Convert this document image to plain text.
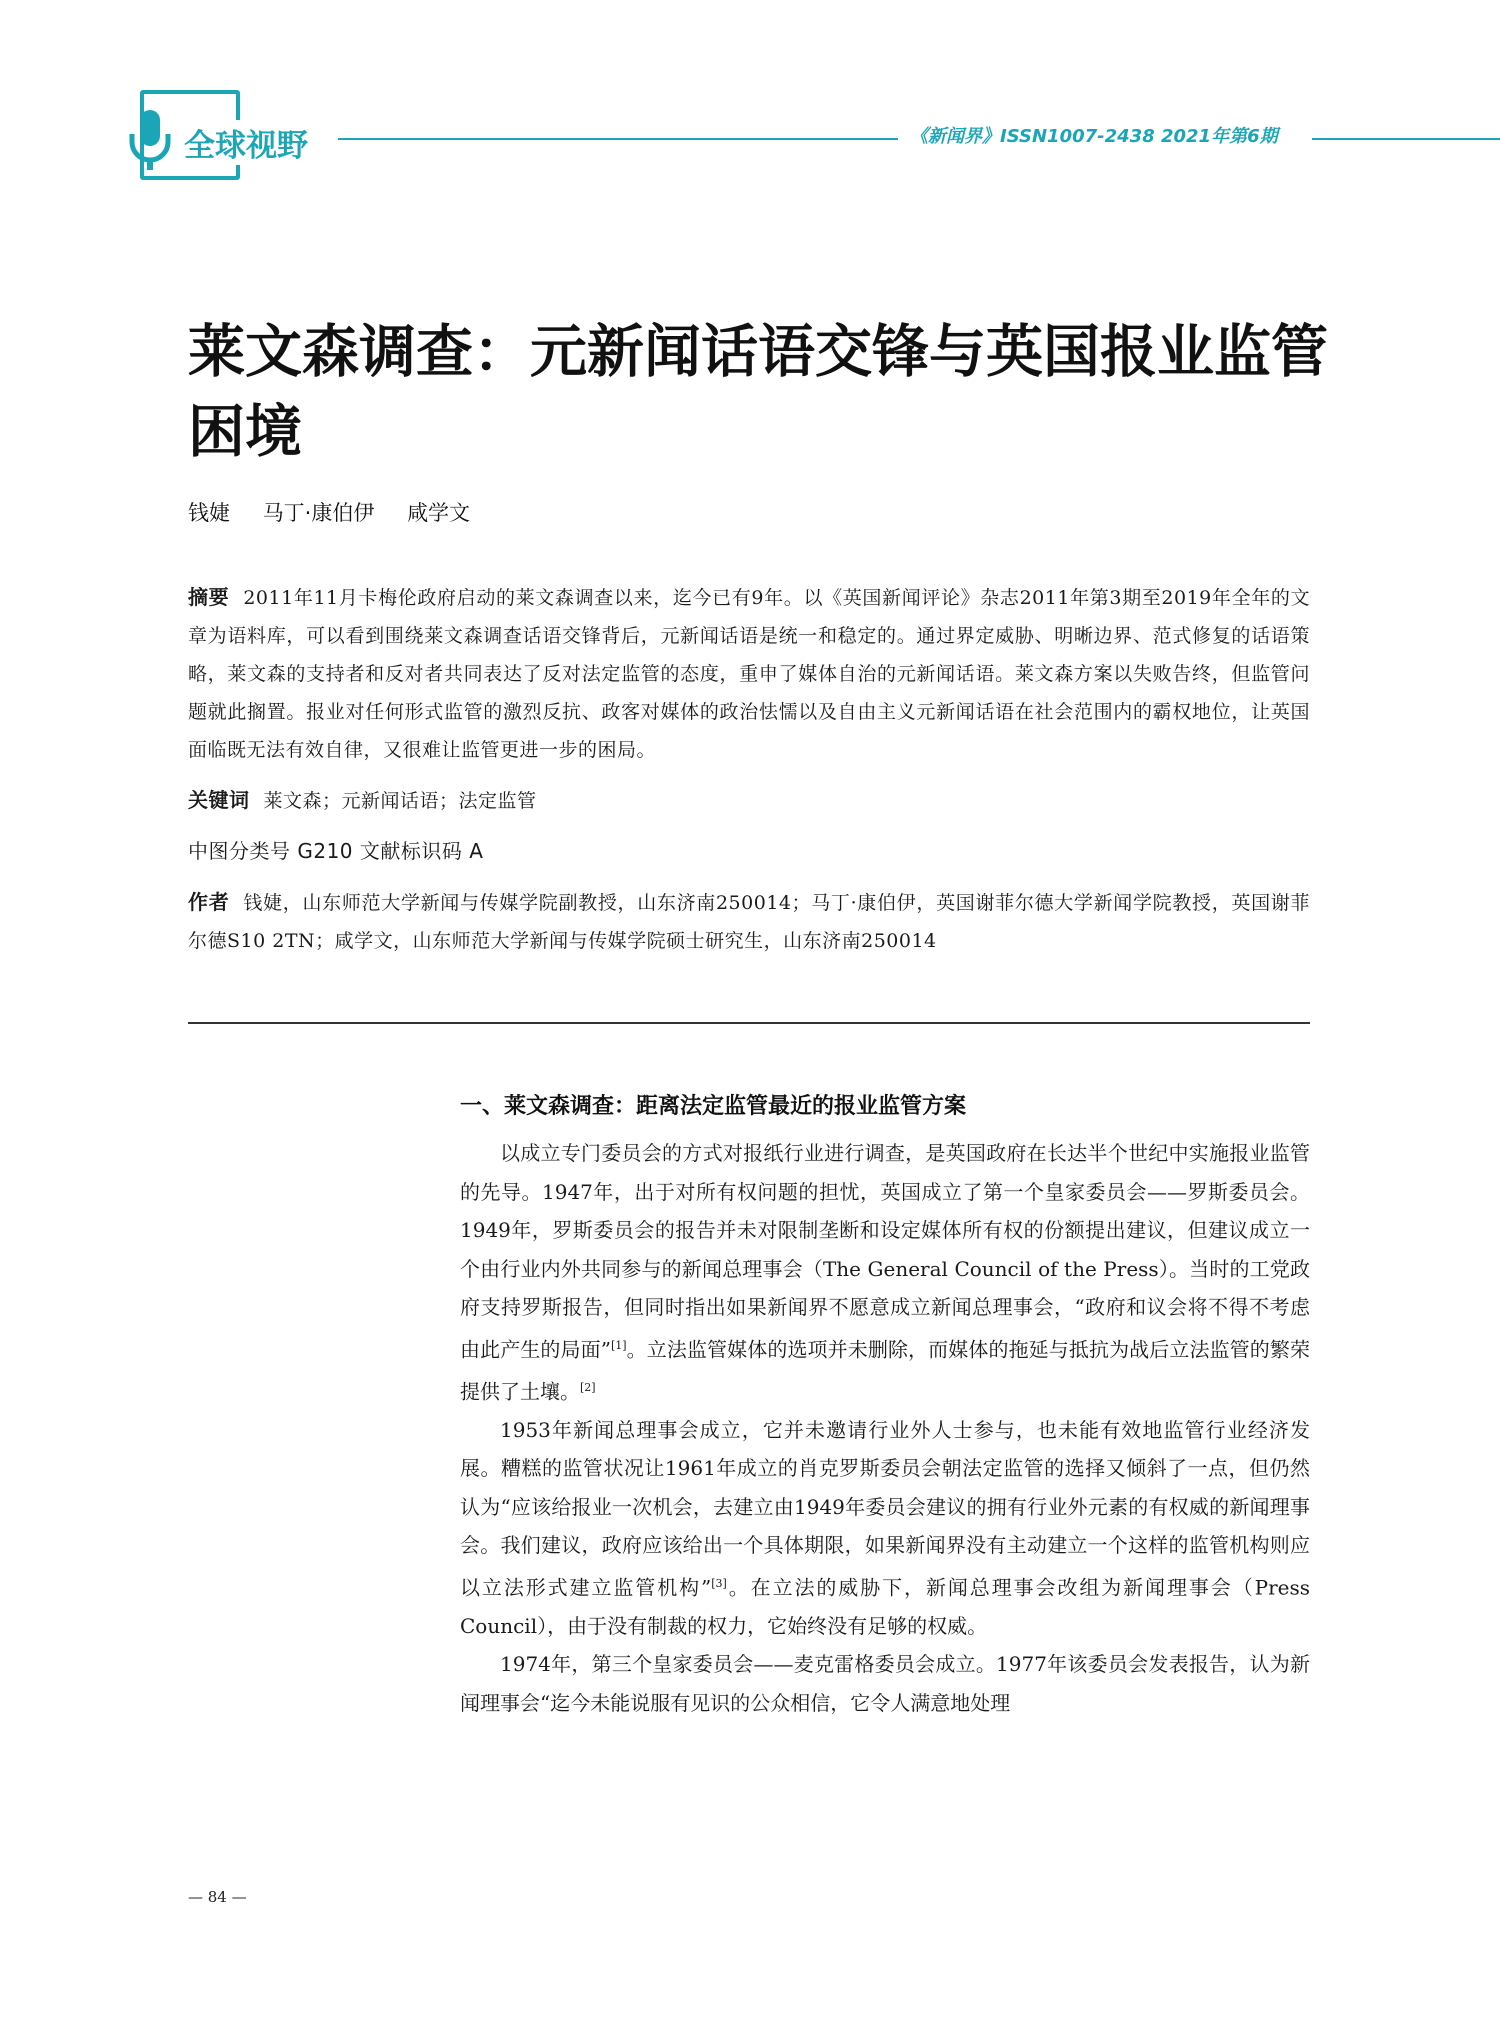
全球视野	《新闻界》ISSN1007-2438 2021年第6期
莱文森调查：元新闻话语交锋与英国报业监管困境
钱婕 马丁·康伯伊 咸学文

摘要 2011年11月卡梅伦政府启动的莱文森调查以来，迄今已有9年。以《英国新闻评论》杂志2011年第3期至2019年全年的文章为语料库，可以看到围绕莱文森调查话语交锋背后，元新闻话语是统一和稳定的。通过界定威胁、明晰边界、范式修复的话语策略，莱文森的支持者和反对者共同表达了反对法定监管的态度，重申了媒体自治的元新闻话语。莱文森方案以失败告终，但监管问题就此搁置。报业对任何形式监管的激烈反抗、政客对媒体的政治怯懦以及自由主义元新闻话语在社会范围内的霸权地位，让英国面临既无法有效自律，又很难让监管更进一步的困局。

关键词 莱文森；元新闻话语；法定监管

中图分类号 G210 文献标识码 A

作者 钱婕，山东师范大学新闻与传媒学院副教授，山东济南250014；马丁·康伯伊，英国谢菲尔德大学新闻学院教授，英国谢菲尔德S10 2TN；咸学文，山东师范大学新闻与传媒学院硕士研究生，山东济南250014

一、莱文森调查：距离法定监管最近的报业监管方案

以成立专门委员会的方式对报纸行业进行调查，是英国政府在长达半个世纪中实施报业监管的先导。1947年，出于对所有权问题的担忧，英国成立了第一个皇家委员会——罗斯委员会。1949年，罗斯委员会的报告并未对限制垄断和设定媒体所有权的份额提出建议，但建议成立一个由行业内外共同参与的新闻总理事会（The General Council of the Press）。当时的工党政府支持罗斯报告，但同时指出如果新闻界不愿意成立新闻总理事会，“政府和议会将不得不考虑由此产生的局面”[1]。立法监管媒体的选项并未删除，而媒体的拖延与抵抗为战后立法监管的繁荣提供了土壤。[2]

1953年新闻总理事会成立，它并未邀请行业外人士参与，也未能有效地监管行业经济发展。糟糕的监管状况让1961年成立的肖克罗斯委员会朝法定监管的选择又倾斜了一点，但仍然认为“应该给报业一次机会，去建立由1949年委员会建议的拥有行业外元素的有权威的新闻理事会。我们建议，政府应该给出一个具体期限，如果新闻界没有主动建立一个这样的监管机构则应以立法形式建立监管机构”[3]。在立法的威胁下，新闻总理事会改组为新闻理事会（Press Council），由于没有制裁的权力，它始终没有足够的权威。

1974年，第三个皇家委员会——麦克雷格委员会成立。1977年该委员会发表报告，认为新闻理事会“迄今未能说服有见识的公众相信，它令人满意地处理

— 84 —
